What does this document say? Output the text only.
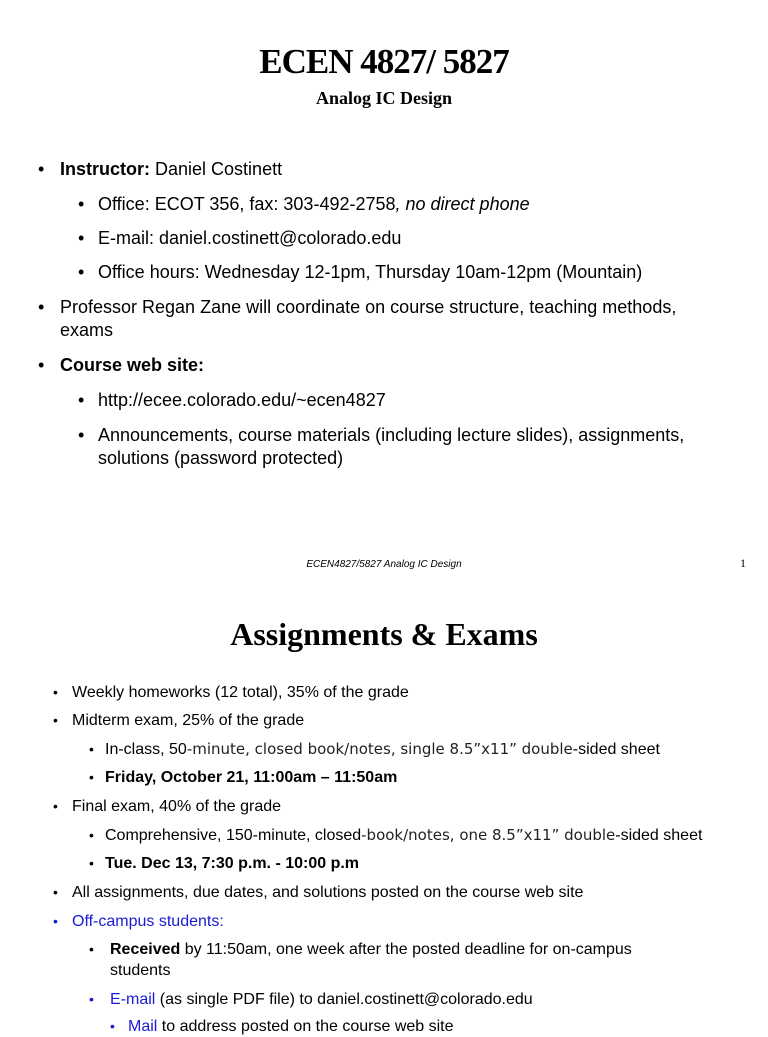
ECEN 4827/ 5827
Analog IC Design
• Instructor: Daniel Costinett
• Office: ECOT 356, fax: 303-492-2758, no direct phone
• E-mail: daniel.costinett@colorado.edu
• Office hours: Wednesday 12-1pm, Thursday 10am-12pm (Mountain)
• Professor Regan Zane will coordinate on course structure, teaching methods,
exams
• Course web site:
• http://ecee.colorado.edu/~ecen4827
• Announcements, course materials (including lecture slides), assignments,
solutions (password protected)
ECEN4827/5827 Analog IC Design	1
Assignments & Exams
• Weekly homeworks (12 total), 35% of the grade
• Midterm exam, 25% of the grade
• In-class, 50-minute, closed book/notes, single 8.5”x11” double-sided sheet
• Friday, October 21, 11:00am – 11:50am
• Final exam, 40% of the grade
• Comprehensive, 150-minute, closed-book/notes, one 8.5”x11” double-sided sheet
• Tue. Dec 13, 7:30 p.m. - 10:00 p.m
• All assignments, due dates, and solutions posted on the course web site
• Off-campus students:
• Received by 11:50am, one week after the posted deadline for on-campus
students
• E-mail (as single PDF file) to daniel.costinett@colorado.edu
• Mail to address posted on the course web site
